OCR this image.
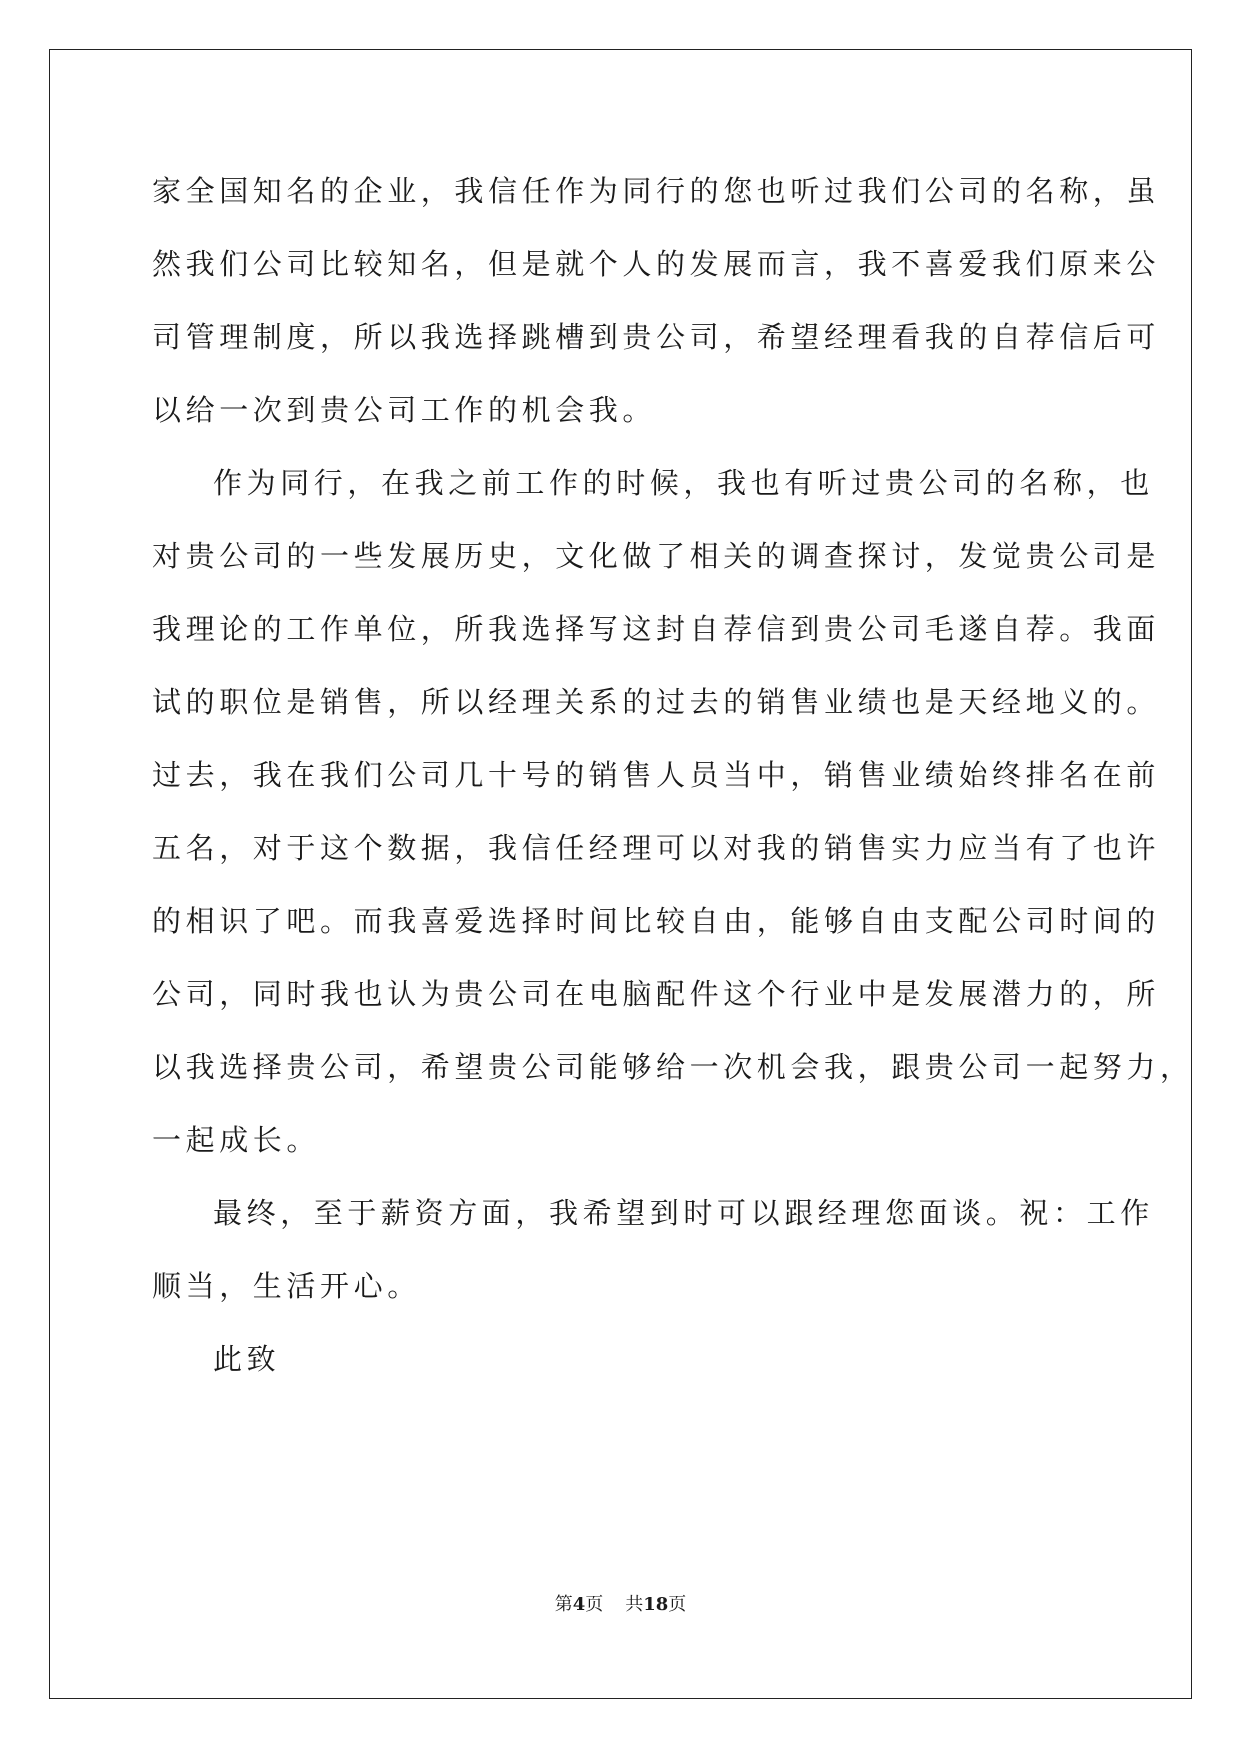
家全国知名的企业，我信任作为同行的您也听过我们公司的名称，虽
然我们公司比较知名，但是就个人的发展而言，我不喜爱我们原来公
司管理制度，所以我选择跳槽到贵公司，希望经理看我的自荐信后可
以给一次到贵公司工作的机会我。
作为同行，在我之前工作的时候，我也有听过贵公司的名称，也
对贵公司的一些发展历史，文化做了相关的调查探讨，发觉贵公司是
我理论的工作单位，所我选择写这封自荐信到贵公司毛遂自荐。我面
试的职位是销售，所以经理关系的过去的销售业绩也是天经地义的。
过去，我在我们公司几十号的销售人员当中，销售业绩始终排名在前
五名，对于这个数据，我信任经理可以对我的销售实力应当有了也许
的相识了吧。而我喜爱选择时间比较自由，能够自由支配公司时间的
公司，同时我也认为贵公司在电脑配件这个行业中是发展潜力的，所
以我选择贵公司，希望贵公司能够给一次机会我，跟贵公司一起努力，
一起成长。
最终，至于薪资方面，我希望到时可以跟经理您面谈。祝：工作
顺当，生活开心。
此致
第4页 共18页
